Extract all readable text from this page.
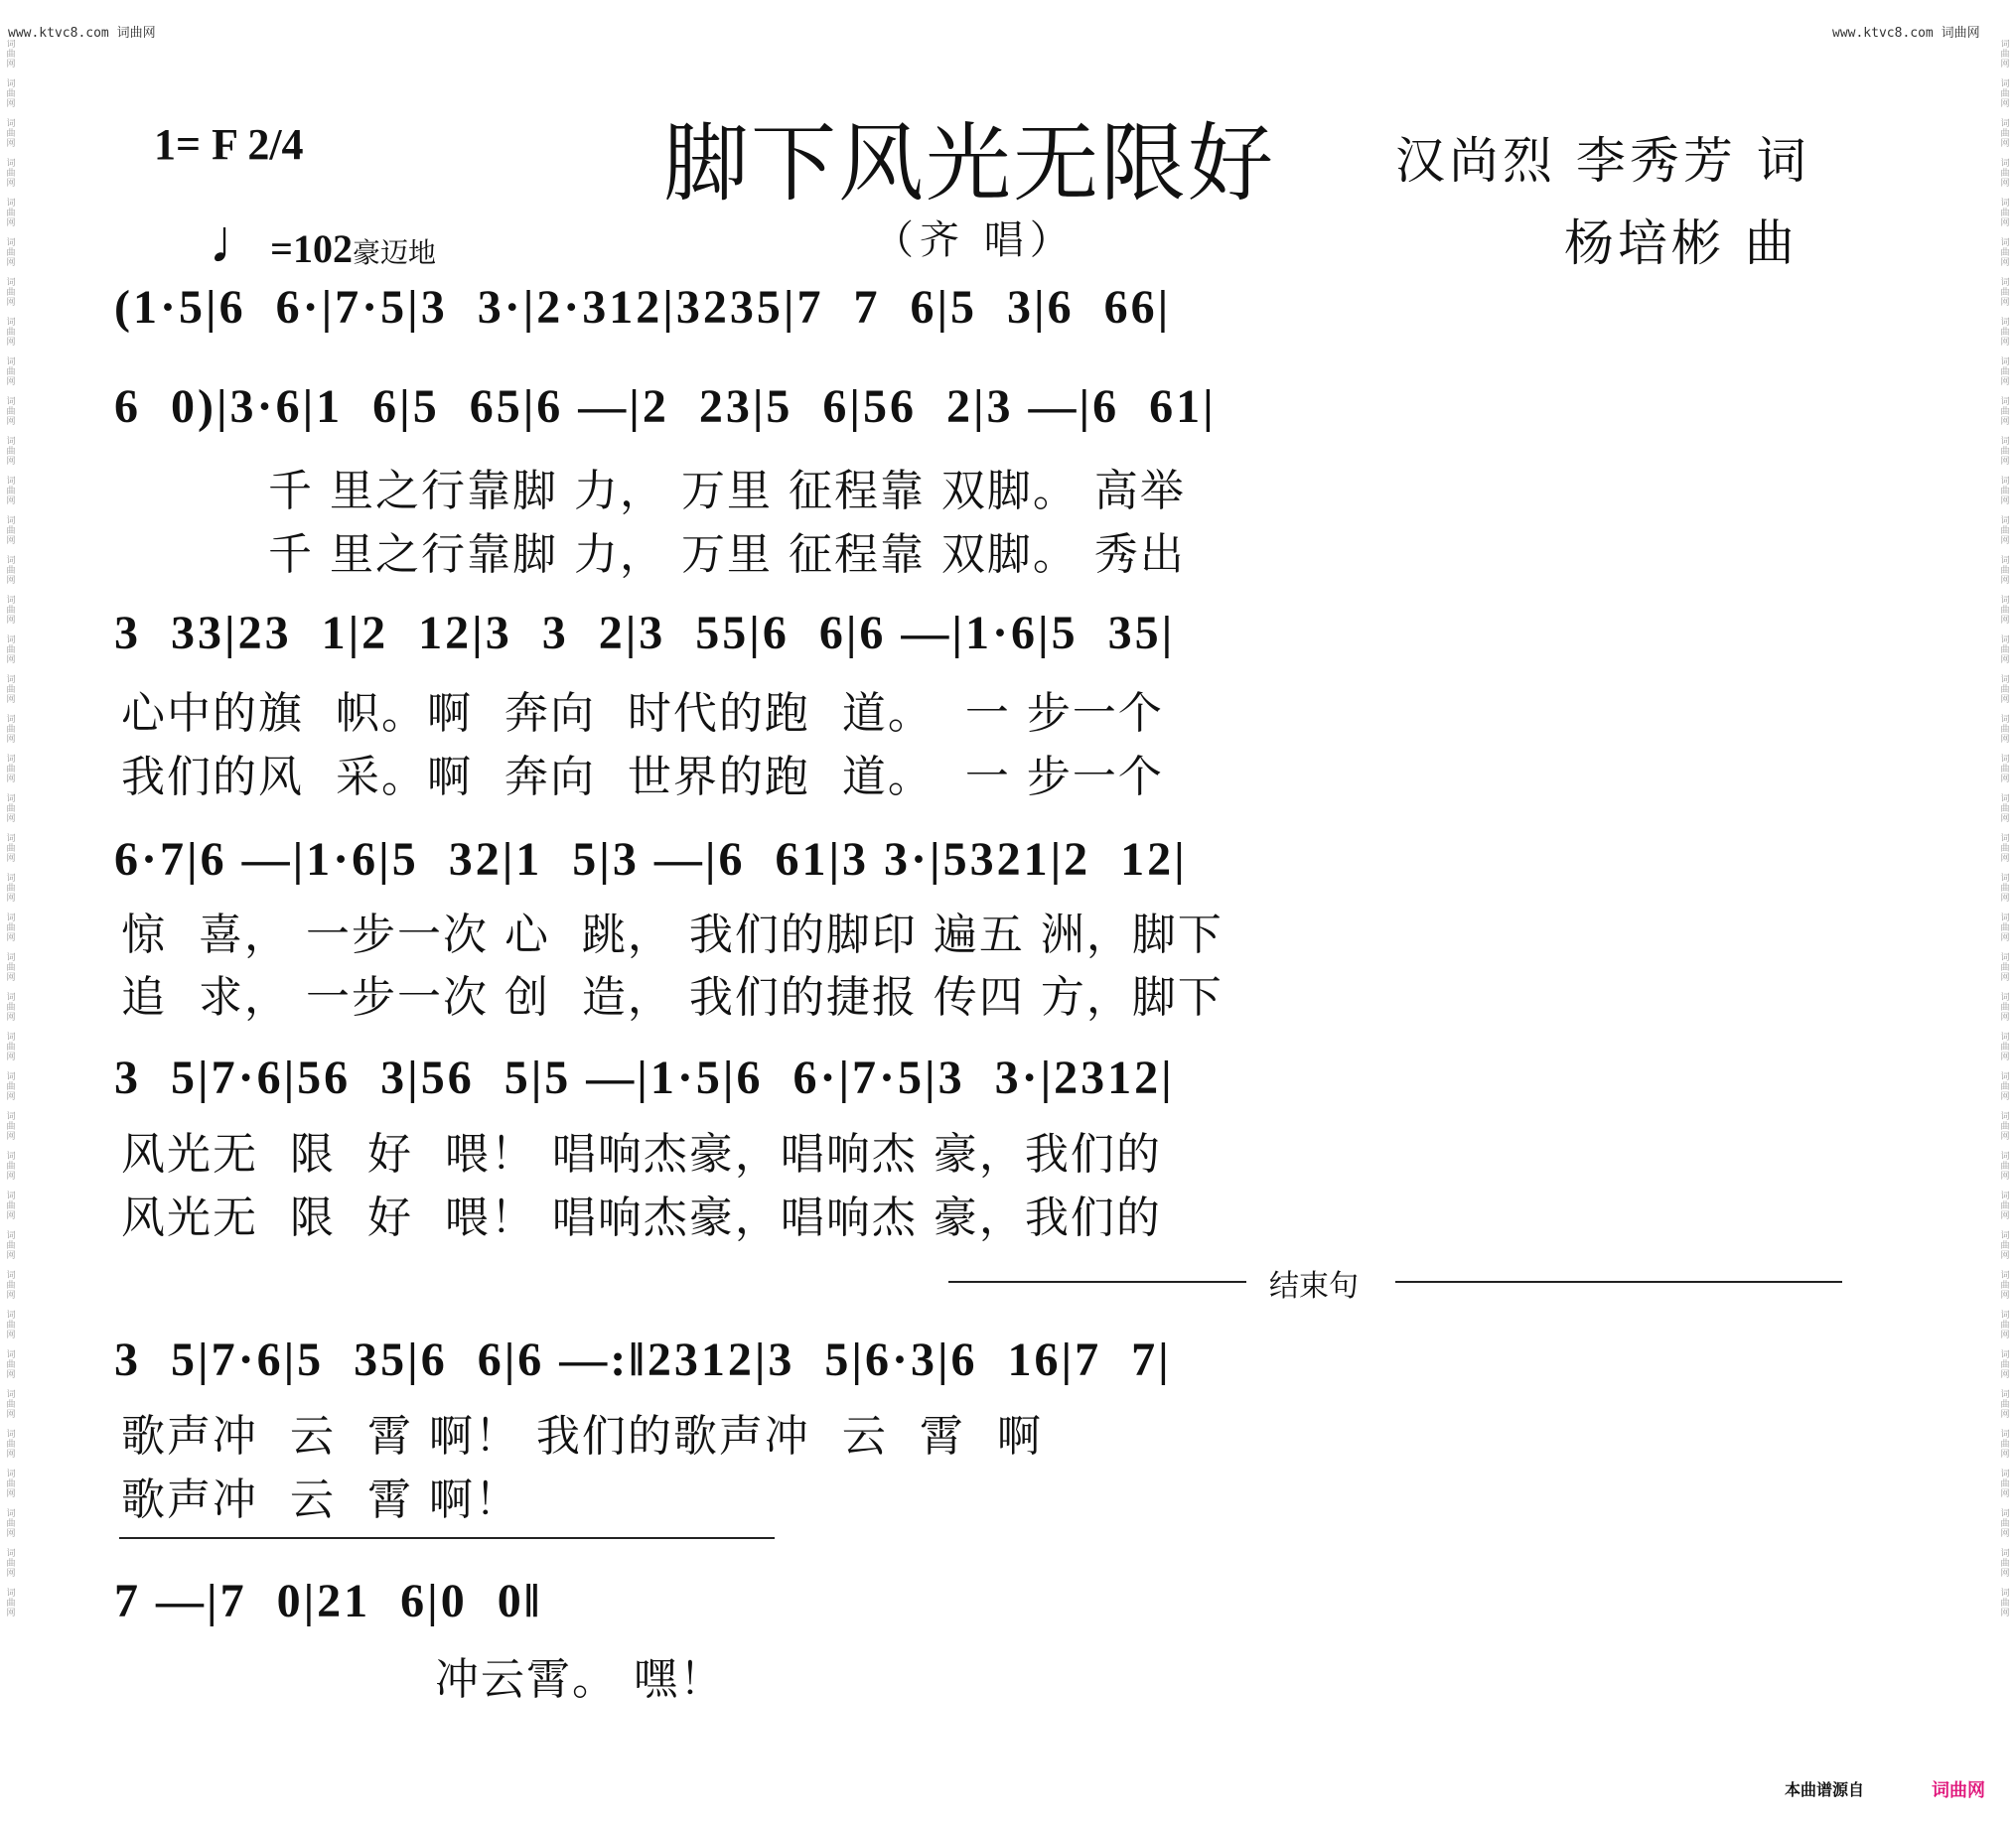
www.ktvc8.com 词曲网	www.ktvc8.com 词曲网
词
曲
网

词
曲
网

词
曲
网

词
曲
网

词
曲
网

词
曲
网

词
曲
网

词
曲
网

词
曲
网

词
曲
网

词
曲
网

词
曲
网

词
曲
网

词
曲
网

词
曲
网

词
曲
网

词
曲
网

词
曲
网

词
曲
网

词
曲
网

词
曲
网

词
曲
网

词
曲
网

词
曲
网

词
曲
网

词
曲
网

词
曲
网

词
曲
网

词
曲
网

词
曲
网

词
曲
网

词
曲
网

词
曲
网

词
曲
网

词
曲
网

词
曲
网

词
曲
网

词
曲
网

词
曲
网

词
曲
网

词
曲
网

词
曲
网

词
曲
网

词
曲
网

词
曲
网

词
曲
网

词
曲
网

词
曲
网

词
曲
网

词
曲
网

词
曲
网

词
曲
网

词
曲
网

词
曲
网

词
曲
网

词
曲
网

词
曲
网

词
曲
网

词
曲
网

词
曲
网

词
曲
网

词
曲
网

词
曲
网

词
曲
网

词
曲
网

词
曲
网

词
曲
网

词
曲
网

词
曲
网

词
曲
网

词
曲
网

词
曲
网

词
曲
网

词
曲
网

词
曲
网

词
曲
网

词
曲
网

词
曲
网

词
曲
网

词
曲
网

1= F 2/4	脚下风光无限好 汉尚烈 李秀芳 词
杨培彬 曲
（齐 唱）

♩=102豪迈地

(1·5|6  6·|7·5|3  3·|2·312|3235|7  7  6|5  3|6  66|
6  0)|3·6|1  6|5  65|6 —|2  23|5  6|56  2|3 —|6  61|
千 里之行靠脚 力， 万里 征程靠 双脚。 高举
千 里之行靠脚 力， 万里 征程靠 双脚。 秀出
3  33|23  1|2  12|3  3  2|3  55|6  6|6 —|1·6|5  35|
心中的旗  帜。啊  奔向  时代的跑  道。  一 步一个
我们的风  采。啊  奔向  世界的跑  道。  一 步一个
6·7|6 —|1·6|5  32|1  5|3 —|6  61|3 3·|5321|2  12|
惊  喜， 一步一次 心  跳， 我们的脚印 遍五 洲，脚下
追  求， 一步一次 创  造， 我们的捷报 传四 方，脚下
3  5|7·6|56  3|56  5|5 —|1·5|6  6·|7·5|3  3·|2312|
风光无  限  好  喂！ 唱响杰豪，唱响杰 豪，我们的
风光无  限  好  喂！ 唱响杰豪，唱响杰 豪，我们的
结束句
3  5|7·6|5  35|6  6|6 —:‖2312|3  5|6·3|6  16|7  7|
歌声冲  云  霄 啊！ 我们的歌声冲  云  霄  啊
歌声冲  云  霄 啊！
7 —|7  0|21  6|0  0‖
冲云霄。 嘿！
本曲谱源自	词曲网
